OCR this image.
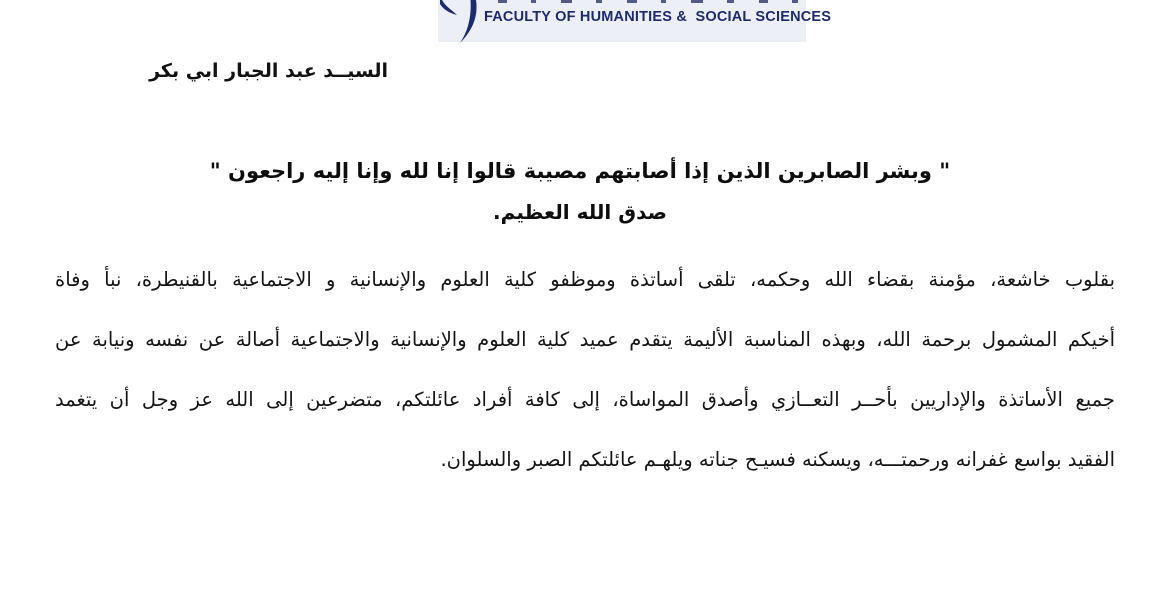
FACULTY OF HUMANITIES &  SOCIAL SCIENCES
السيــد عبد الجبار ابي بكر
" وبشر الصابرين الذين إذا أصابتهم مصيبة قالوا إنا لله وإنا إليه راجعون "
صدق الله العظيم.
بقلوب خاشعة، مؤمنة بقضاء الله وحكمه، تلقى أساتذة وموظفو كلية العلوم والإنسانية و الاجتماعية بالقنيطرة، نبأ وفاة
أخيكم المشمول برحمة الله، وبهذه المناسبة الأليمة يتقدم عميد كلية العلوم والإنسانية والاجتماعية أصالة عن نفسه ونيابة عن
جميع الأساتذة والإداريين بأحــر التعــازي وأصدق المواساة، إلى كافة أفراد عائلتكم، متضرعين إلى الله عز وجل أن يتغمد
الفقيد بواسع غفرانه ورحمتـــه، ويسكنه فسيـح جناته ويلهـم عائلتكم الصبر والسلوان.
